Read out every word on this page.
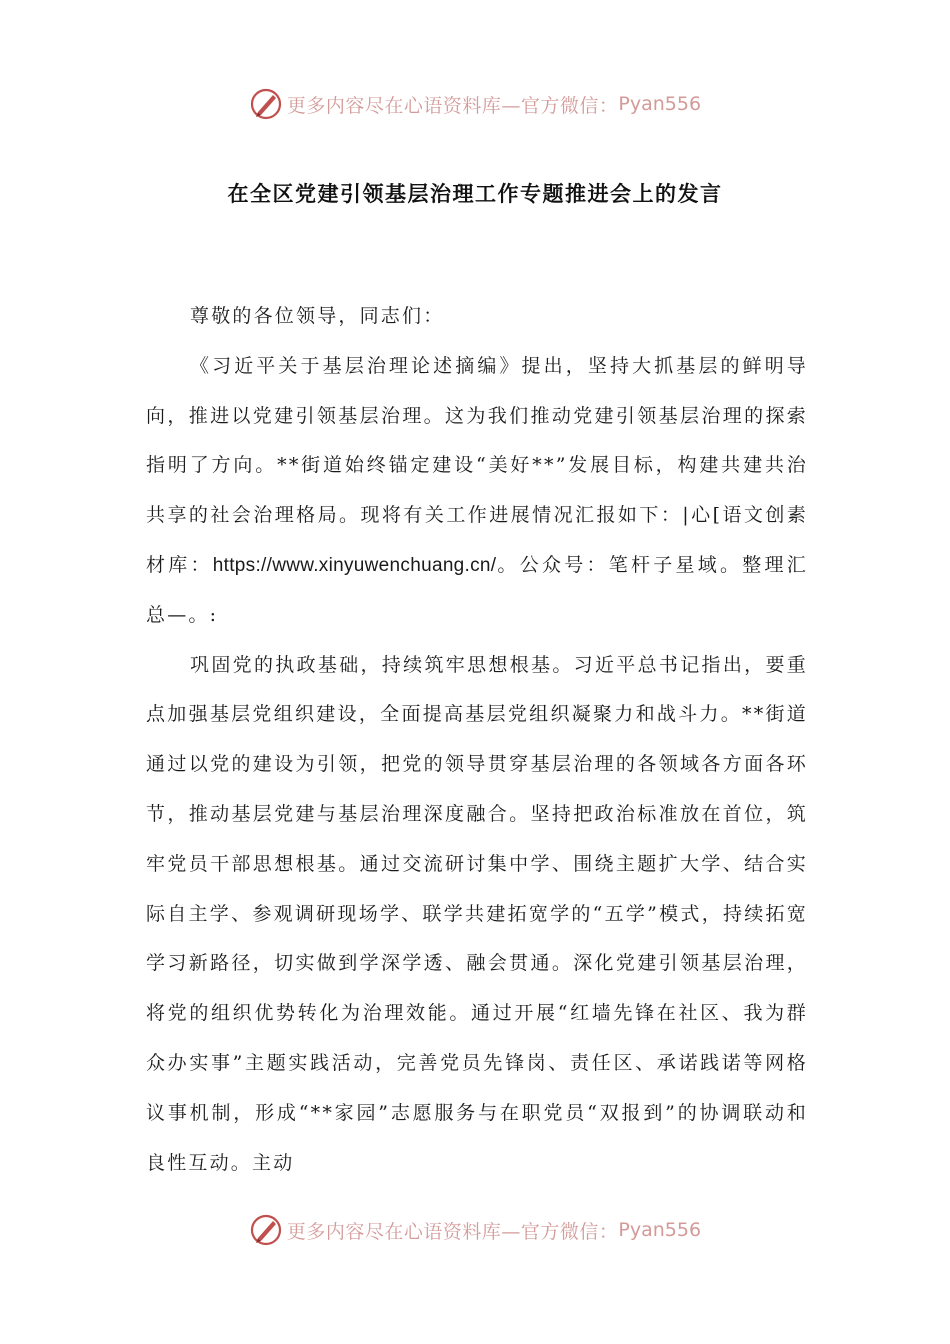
更多内容尽在心语资料库—官方微信： Pyan556
在全区党建引领基层治理工作专题推进会上的发言

尊敬的各位领导，同志们：

《习近平关于基层治理论述摘编》提出，坚持大抓基层的鲜明导向，推进以党建引领基层治理。这为我们推动党建引领基层治理的探索指明了方向。**街道始终锚定建设“美好**”发展目标，构建共建共治共享的社会治理格局。现将有关工作进展情况汇报如下：|心[语文创素材库：https://www.xinyuwenchuang.cn/。公众号：笔杆子星域。整理汇总—。:

巩固党的执政基础，持续筑牢思想根基。习近平总书记指出，要重点加强基层党组织建设，全面提高基层党组织凝聚力和战斗力。**街道通过以党的建设为引领，把党的领导贯穿基层治理的各领域各方面各环节，推动基层党建与基层治理深度融合。坚持把政治标准放在首位，筑牢党员干部思想根基。通过交流研讨集中学、围绕主题扩大学、结合实际自主学、参观调研现场学、联学共建拓宽学的“五学”模式，持续拓宽学习新路径，切实做到学深学透、融会贯通。深化党建引领基层治理，将党的组织优势转化为治理效能。通过开展“红墙先锋在社区、我为群众办实事”主题实践活动，完善党员先锋岗、责任区、承诺践诺等网格议事机制，形成“**家园”志愿服务与在职党员“双报到”的协调联动和良性互动。主动

更多内容尽在心语资料库—官方微信： Pyan556
